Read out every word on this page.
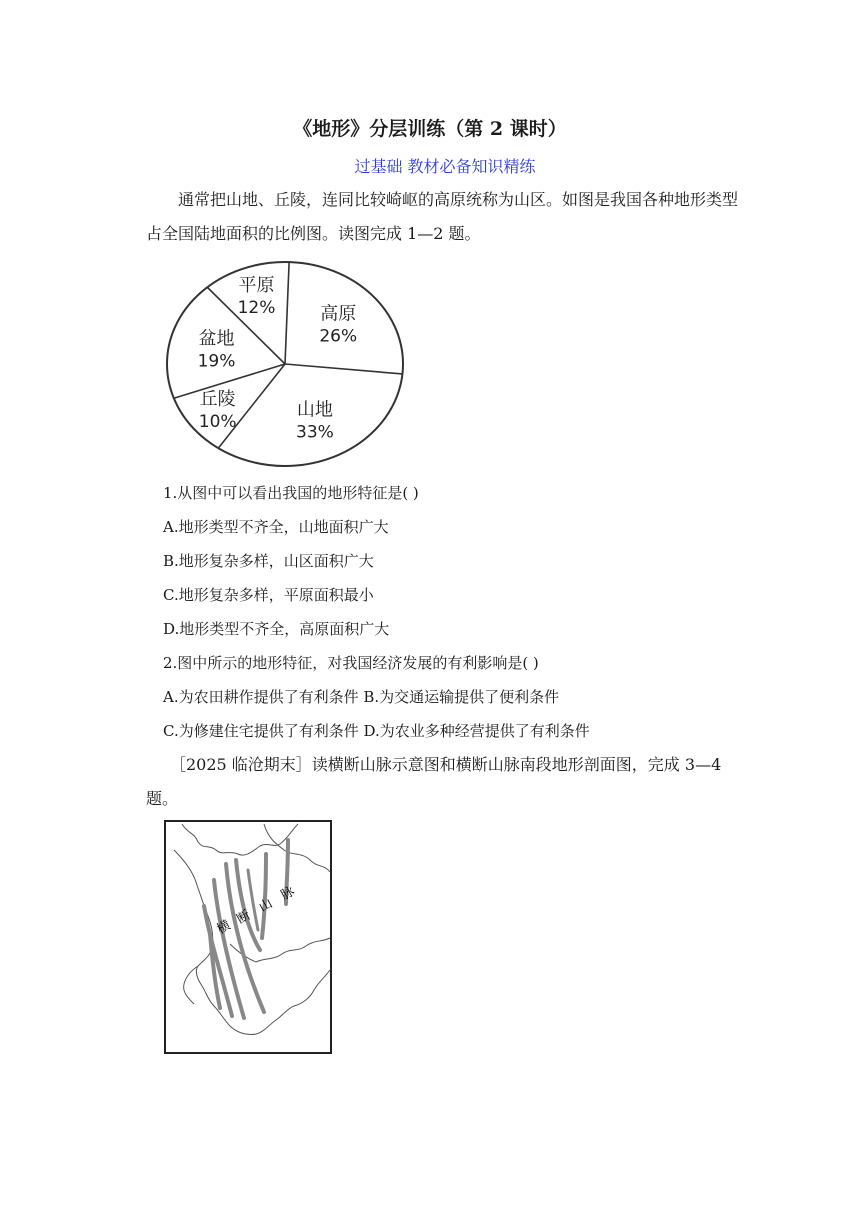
《地形》分层训练（第 2 课时）
过基础 教材必备知识精练
通常把山地、丘陵，连同比较崎岖的高原统称为山区。如图是我国各种地形类型占全国陆地面积的比例图。读图完成 1—2 题。
高原
26%
山地
33%
丘陵
10%
盆地
19%
平原
12%
1.从图中可以看出我国的地形特征是( )
A.地形类型不齐全，山地面积广大
B.地形复杂多样，山区面积广大
C.地形复杂多样，平原面积最小
D.地形类型不齐全，高原面积广大
2.图中所示的地形特征，对我国经济发展的有利影响是( )
A.为农田耕作提供了有利条件 B.为交通运输提供了便利条件
C.为修建住宅提供了有利条件 D.为农业多种经营提供了有利条件
［2025 临沧期末］读横断山脉示意图和横断山脉南段地形剖面图，完成 3—4 题。
横
断
山
脉
